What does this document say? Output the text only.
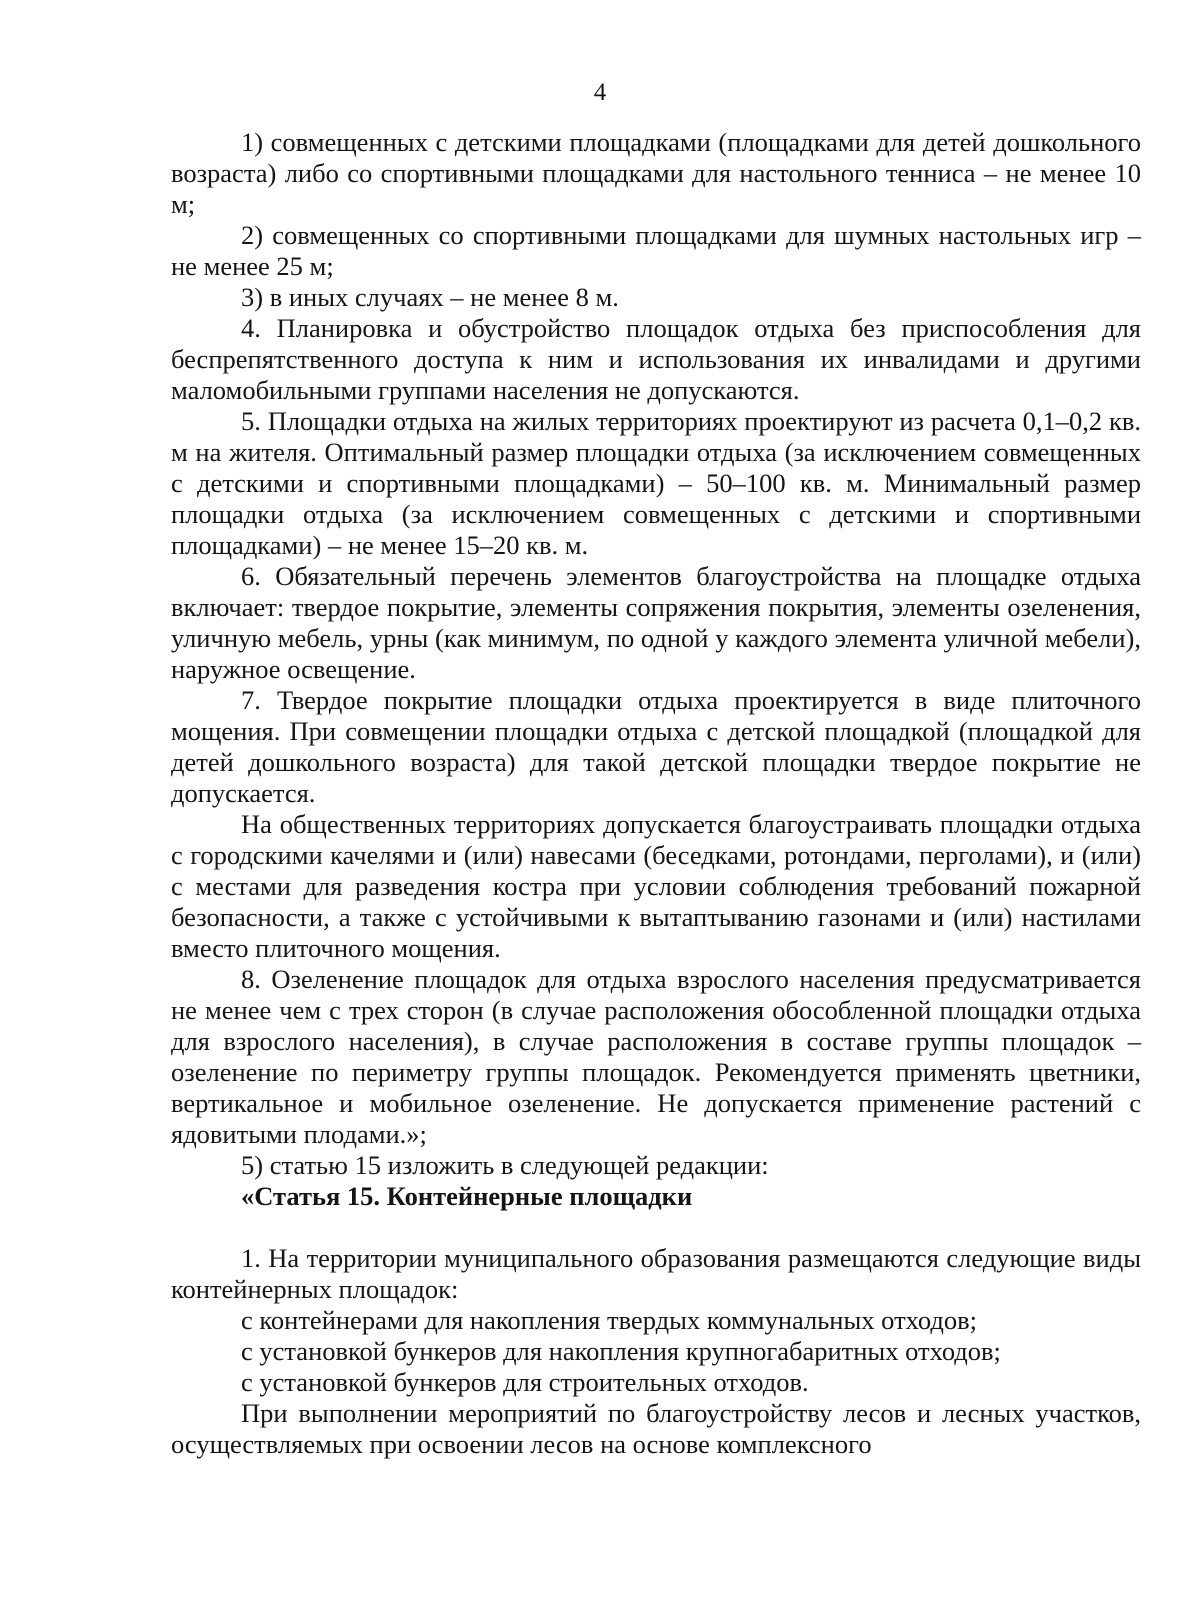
4

1) совмещенных с детскими площадками (площадками для детей дошкольного возраста) либо со спортивными площадками для настольного тенниса – не менее 10 м;

2) совмещенных со спортивными площадками для шумных настольных игр – не менее 25 м;

3) в иных случаях – не менее 8 м.

4. Планировка и обустройство площадок отдыха без приспособления для беспрепятственного доступа к ним и использования их инвалидами и другими маломобильными группами населения не допускаются.

5. Площадки отдыха на жилых территориях проектируют из расчета 0,1–0,2 кв. м на жителя. Оптимальный размер площадки отдыха (за исключением совмещенных с детскими и спортивными площадками) – 50–100 кв. м. Минимальный размер площадки отдыха (за исключением совмещенных с детскими и спортивными площадками) – не менее 15–20 кв. м.

6. Обязательный перечень элементов благоустройства на площадке отдыха включает: твердое покрытие, элементы сопряжения покрытия, элементы озеленения, уличную мебель, урны (как минимум, по одной у каждого элемента уличной мебели), наружное освещение.

7. Твердое покрытие площадки отдыха проектируется в виде плиточного мощения. При совмещении площадки отдыха с детской площадкой (площадкой для детей дошкольного возраста) для такой детской площадки твердое покрытие не допускается.

На общественных территориях допускается благоустраивать площадки отдыха с городскими качелями и (или) навесами (беседками, ротондами, перголами), и (или) с местами для разведения костра при условии соблюдения требований пожарной безопасности, а также с устойчивыми к вытаптыванию газонами и (или) настилами вместо плиточного мощения.

8. Озеленение площадок для отдыха взрослого населения предусматривается не менее чем с трех сторон (в случае расположения обособленной площадки отдыха для взрослого населения), в случае расположения в составе группы площадок – озеленение по периметру группы площадок. Рекомендуется применять цветники, вертикальное и мобильное озеленение. Не допускается применение растений с ядовитыми плодами.»;

5) статью 15 изложить в следующей редакции:

«Статья 15. Контейнерные площадки

1. На территории муниципального образования размещаются следующие виды контейнерных площадок:

с контейнерами для накопления твердых коммунальных отходов;

с установкой бункеров для накопления крупногабаритных отходов;

с установкой бункеров для строительных отходов.

При выполнении мероприятий по благоустройству лесов и лесных участков, осуществляемых при освоении лесов на основе комплексного
